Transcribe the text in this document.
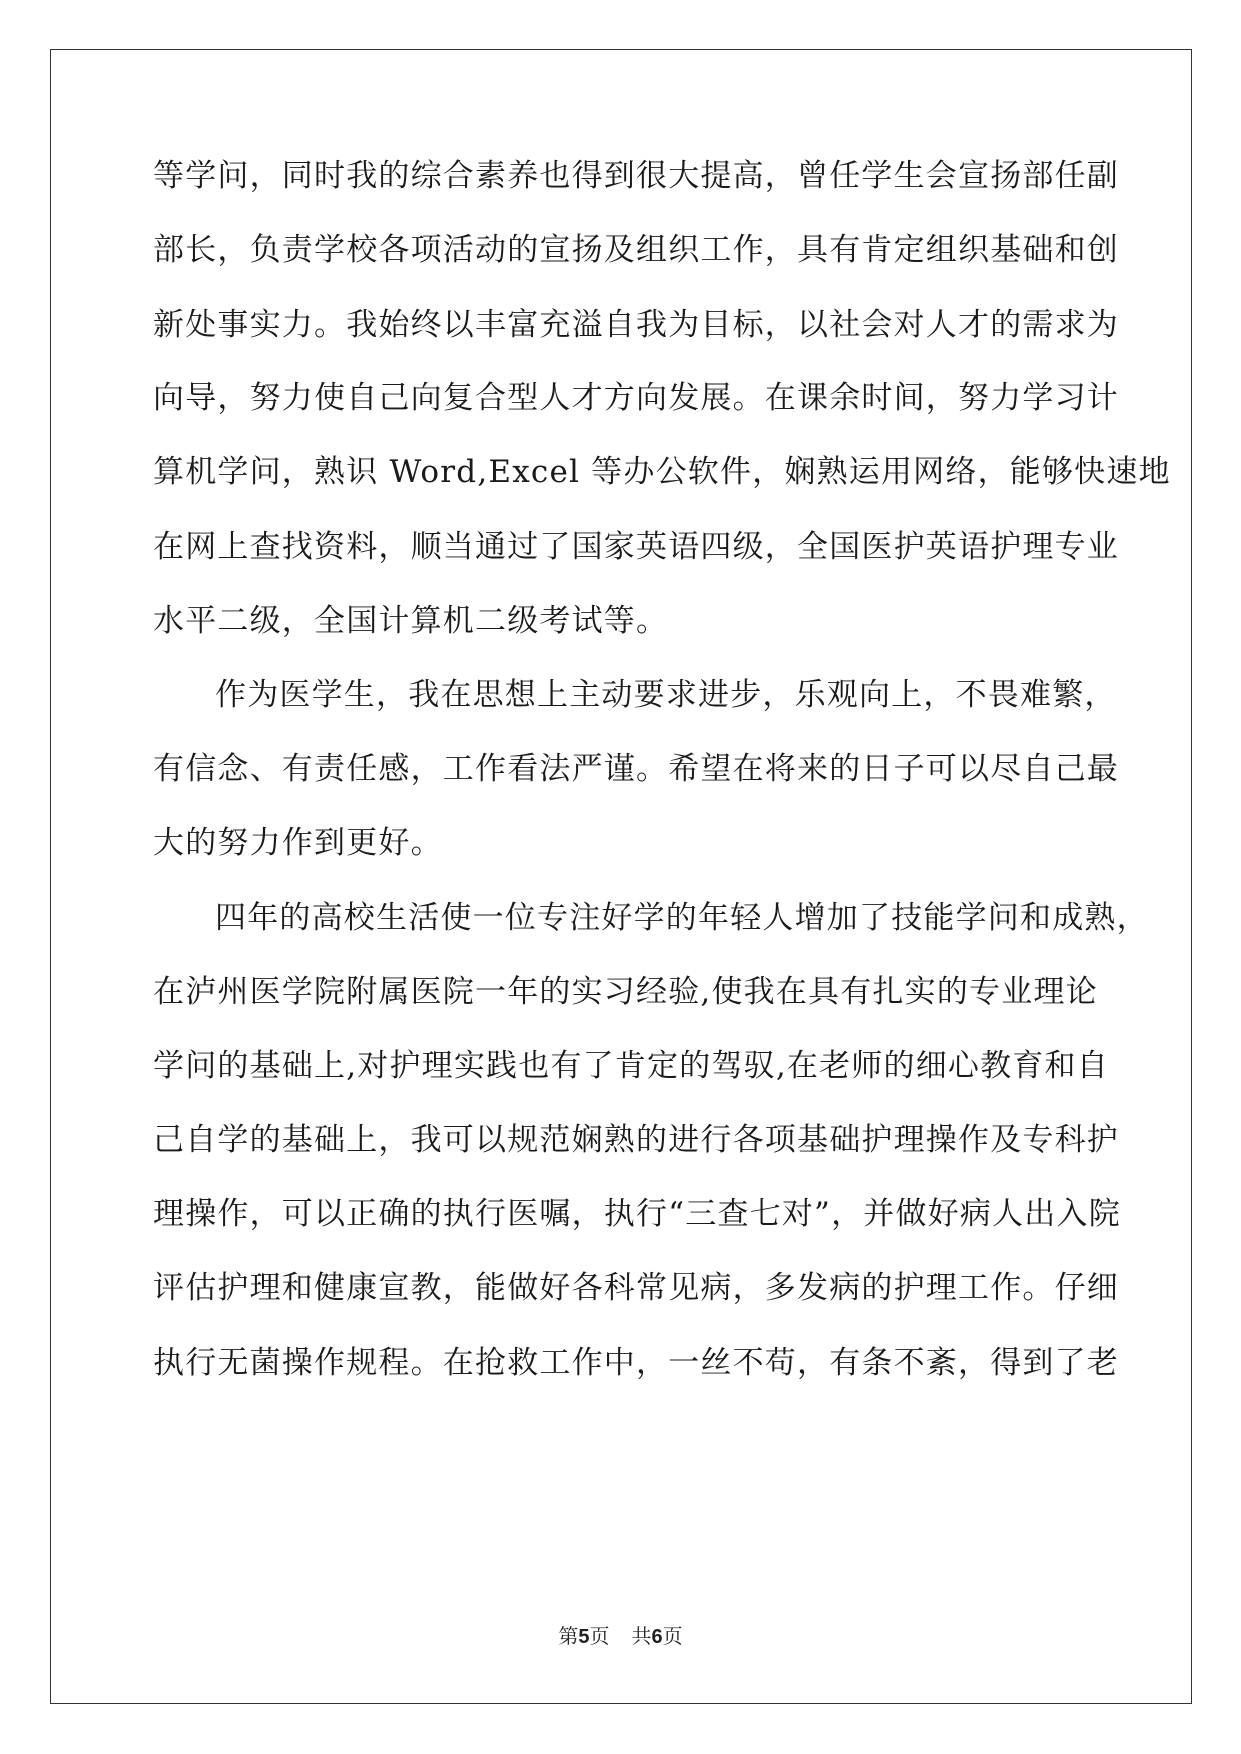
等学问，同时我的综合素养也得到很大提高，曾任学生会宣扬部任副
部长，负责学校各项活动的宣扬及组织工作，具有肯定组织基础和创
新处事实力。我始终以丰富充溢自我为目标，以社会对人才的需求为
向导，努力使自己向复合型人才方向发展。在课余时间，努力学习计
算机学问，熟识 Word,Excel 等办公软件，娴熟运用网络，能够快速地
在网上查找资料，顺当通过了国家英语四级，全国医护英语护理专业
水平二级，全国计算机二级考试等。
作为医学生，我在思想上主动要求进步，乐观向上，不畏难繁，
有信念、有责任感，工作看法严谨。希望在将来的日子可以尽自己最
大的努力作到更好。
四年的高校生活使一位专注好学的年轻人增加了技能学问和成熟，
在泸州医学院附属医院一年的实习经验,使我在具有扎实的专业理论
学问的基础上,对护理实践也有了肯定的驾驭,在老师的细心教育和自
己自学的基础上，我可以规范娴熟的进行各项基础护理操作及专科护
理操作，可以正确的执行医嘱，执行“三查七对”，并做好病人出入院
评估护理和健康宣教，能做好各科常见病，多发病的护理工作。仔细
执行无菌操作规程。在抢救工作中，一丝不苟，有条不紊，得到了老
第5页 共6页
